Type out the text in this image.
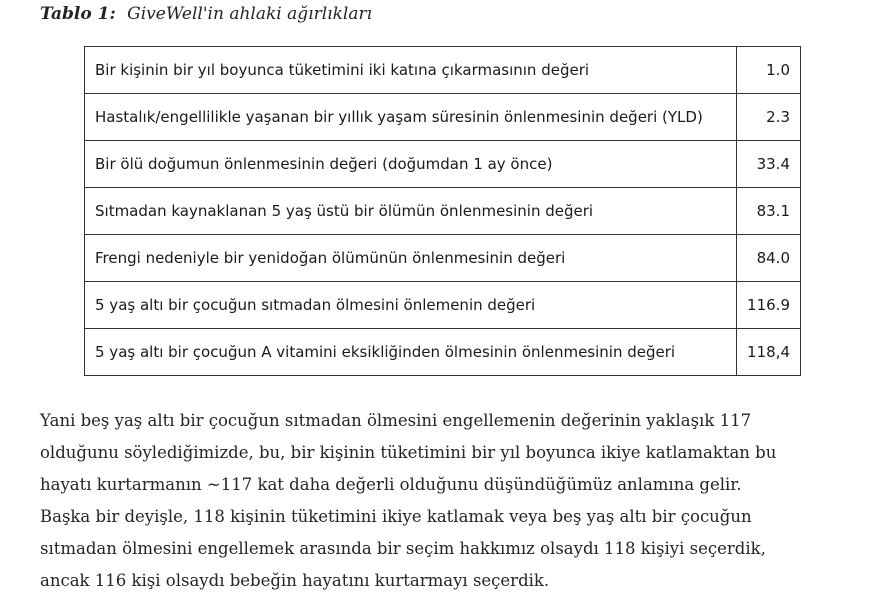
Tablo 1: GiveWell'in ahlaki ağırlıkları
Bir kişinin bir yıl boyunca tüketimini iki katına çıkarmasının değeri	1.0
Hastalık/engellilikle yaşanan bir yıllık yaşam süresinin önlenmesinin değeri (YLD)	2.3
Bir ölü doğumun önlenmesinin değeri (doğumdan 1 ay önce)	33.4
Sıtmadan kaynaklanan 5 yaş üstü bir ölümün önlenmesinin değeri	83.1
Frengi nedeniyle bir yenidoğan ölümünün önlenmesinin değeri	84.0
5 yaş altı bir çocuğun sıtmadan ölmesini önlemenin değeri	116.9
5 yaş altı bir çocuğun A vitamini eksikliğinden ölmesinin önlenmesinin değeri	118,4

Yani beş yaş altı bir çocuğun sıtmadan ölmesini engellemenin değerinin yaklaşık 117
olduğunu söylediğimizde, bu, bir kişinin tüketimini bir yıl boyunca ikiye katlamaktan bu
hayatı kurtarmanın ~117 kat daha değerli olduğunu düşündüğümüz anlamına gelir.
Başka bir deyişle, 118 kişinin tüketimini ikiye katlamak veya beş yaş altı bir çocuğun
sıtmadan ölmesini engellemek arasında bir seçim hakkımız olsaydı 118 kişiyi seçerdik,
ancak 116 kişi olsaydı bebeğin hayatını kurtarmayı seçerdik.
